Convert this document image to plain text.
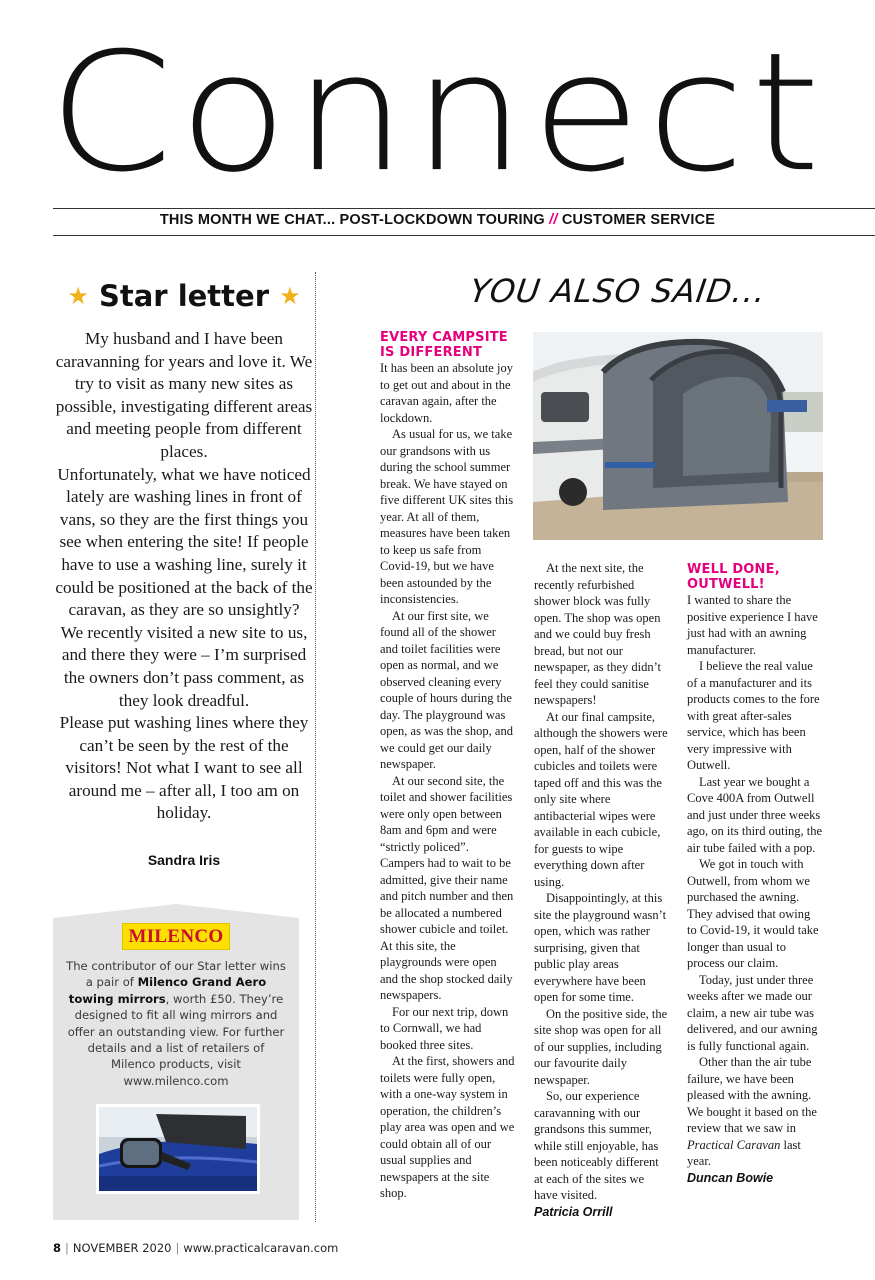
Connect
THIS MONTH WE CHAT... POST-LOCKDOWN TOURING // CUSTOMER SERVICE
★ Star letter ★

My husband and I have been caravanning for years and love it. We try to visit as many new sites as possible, investigating different areas and meeting people from different places.

Unfortunately, what we have noticed lately are washing lines in front of vans, so they are the first things you see when entering the site! If people have to use a washing line, surely it could be positioned at the back of the caravan, as they are so unsightly?

We recently visited a new site to us, and there they were – I’m surprised the owners don’t pass comment, as they look dreadful.

Please put washing lines where they can’t be seen by the rest of the visitors! Not what I want to see all around me – after all, I too am on holiday.

Sandra Iris
MILENCO
The contributor of our Star letter wins a pair of Milenco Grand Aero towing mirrors, worth £50. They’re designed to fit all wing mirrors and offer an outstanding view. For further details and a list of retailers of Milenco products, visit www.milenco.com
YOU ALSO SAID...
EVERY CAMPSITE IS DIFFERENT

It has been an absolute joy to get out and about in the caravan again, after the lockdown.

As usual for us, we take our grandsons with us during the school summer break. We have stayed on five different UK sites this year. At all of them, measures have been taken to keep us safe from Covid-19, but we have been astounded by the inconsistencies.

At our first site, we found all of the shower and toilet facilities were open as normal, and we observed cleaning every couple of hours during the day. The playground was open, as was the shop, and we could get our daily newspaper.

At our second site, the toilet and shower facilities were only open between 8am and 6pm and were “strictly policed”. Campers had to wait to be admitted, give their name and pitch number and then be allocated a numbered shower cubicle and toilet. At this site, the playgrounds were open and the shop stocked daily newspapers.

For our next trip, down to Cornwall, we had booked three sites.

At the first, showers and toilets were fully open, with a one-way system in operation, the children’s play area was open and we could obtain all of our usual supplies and newspapers at the site shop.

At the next site, the recently refurbished shower block was fully open. The shop was open and we could buy fresh bread, but not our newspaper, as they didn’t feel they could sanitise newspapers!

At our final campsite, although the showers were open, half of the shower cubicles and toilets were taped off and this was the only site where antibacterial wipes were available in each cubicle, for guests to wipe everything down after using.

Disappointingly, at this site the playground wasn’t open, which was rather surprising, given that public play areas everywhere have been open for some time.

On the positive side, the site shop was open for all of our supplies, including our favourite daily newspaper.

So, our experience caravanning with our grandsons this summer, while still enjoyable, has been noticeably different at each of the sites we have visited.

Patricia Orrill

WELL DONE, OUTWELL!

I wanted to share the positive experience I have just had with an awning manufacturer.

I believe the real value of a manufacturer and its products comes to the fore with great after-sales service, which has been very impressive with Outwell.

Last year we bought a Cove 400A from Outwell and just under three weeks ago, on its third outing, the air tube failed with a pop.

We got in touch with Outwell, from whom we purchased the awning. They advised that owing to Covid-19, it would take longer than usual to process our claim.

Today, just under three weeks after we made our claim, a new air tube was delivered, and our awning is fully functional again.

Other than the air tube failure, we have been pleased with the awning. We bought it based on the review that we saw in Practical Caravan last year.

Duncan Bowie

8 | NOVEMBER 2020 | www.practicalcaravan.com
